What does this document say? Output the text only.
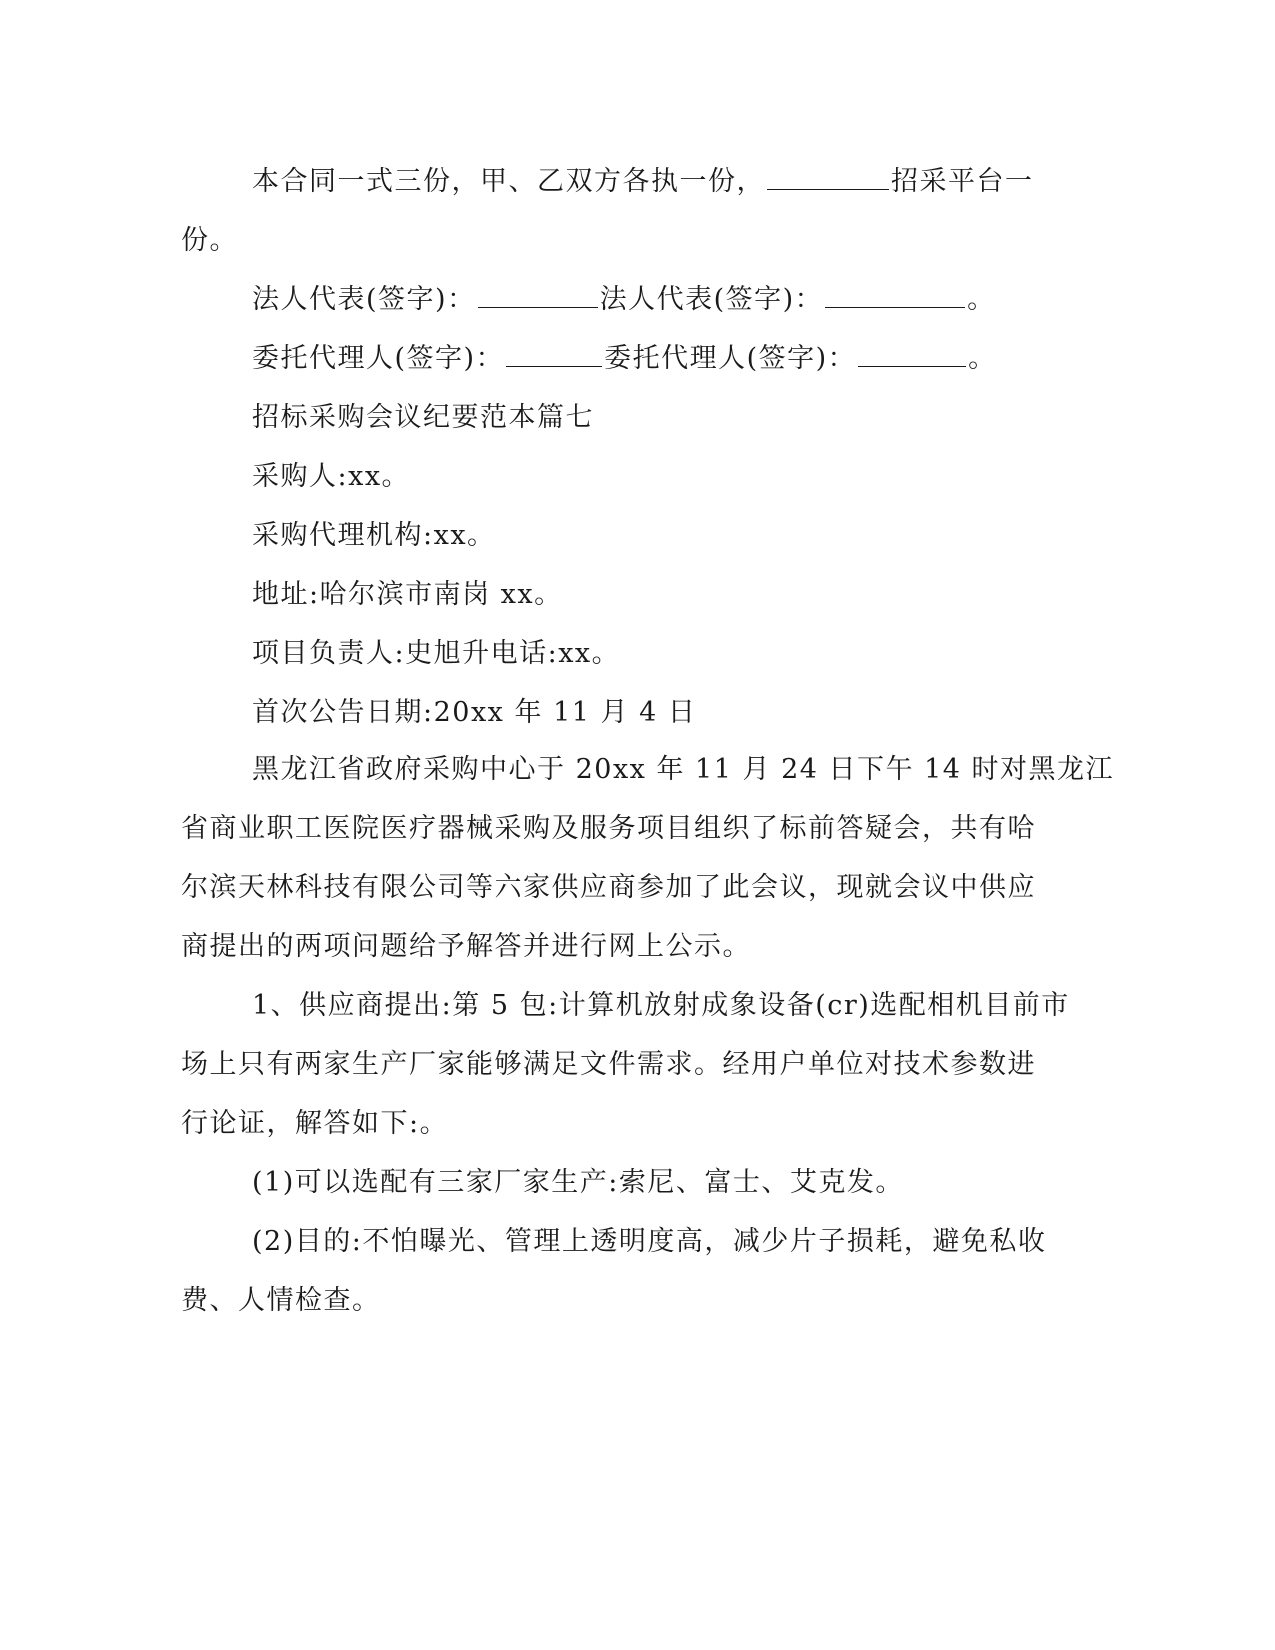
本合同一式三份，甲、乙双方各执一份，	招采平台一

份。

法人代表(签字)：	法人代表(签字)：	。

委托代理人(签字)：	委托代理人(签字)：	。

招标采购会议纪要范本篇七

采购人:xx。

采购代理机构:xx。

地址:哈尔滨市南岗 xx。

项目负责人:史旭升电话:xx。

首次公告日期:20xx 年 11 月 4 日

黑龙江省政府采购中心于 20xx 年 11 月 24 日下午 14 时对黑龙江

省商业职工医院医疗器械采购及服务项目组织了标前答疑会，共有哈

尔滨天林科技有限公司等六家供应商参加了此会议，现就会议中供应

商提出的两项问题给予解答并进行网上公示。

1、供应商提出:第 5 包:计算机放射成象设备(cr)选配相机目前市

场上只有两家生产厂家能够满足文件需求。经用户单位对技术参数进

行论证，解答如下:。

(1)可以选配有三家厂家生产:索尼、富士、艾克发。

(2)目的:不怕曝光、管理上透明度高，减少片子损耗，避免私收

费、人情检查。
